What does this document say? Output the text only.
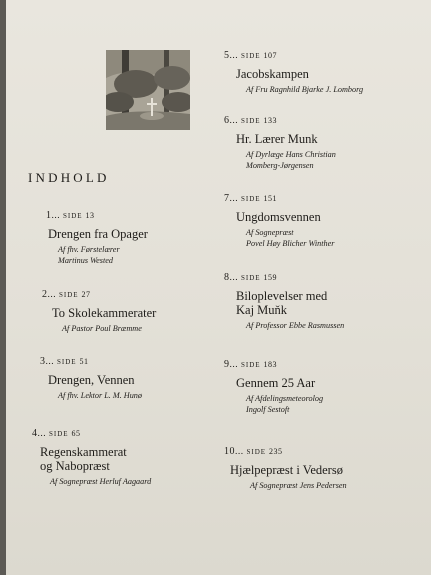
INDHOLD
1... SIDE 13
Drengen fra Opager
Af fhv. Førstelærer
Martinus Wested
2... SIDE 27
To Skolekammerater
Af Pastor Poul Bræmme
3... SIDE 51
Drengen, Vennen
Af fhv. Lektor L. M. Hunø
4... SIDE 65
Regenskammerat
og Nabopræst
Af Sognepræst Herluf Aagaard
5... SIDE 107
Jacobskampen
Af Fru Ragnhild Bjarke J. Lomborg
6... SIDE 133
Hr. Lærer Munk
Af Dyrlæge Hans Christian
Momberg-Jørgensen
7... SIDE 151
Ungdomsvennen
Af Sognepræst
Povel Høy Blicher Winther
8... SIDE 159
Biloplevelser med
Kaj Muňk
Af Professor Ebbe Rasmussen
9... SIDE 183
Gennem 25 Aar
Af Afdelingsmeteorolog
Ingolf Sestoft
10... SIDE 235
Hjælpepræst i Vedersø
Af Sognepræst Jens Pedersen
